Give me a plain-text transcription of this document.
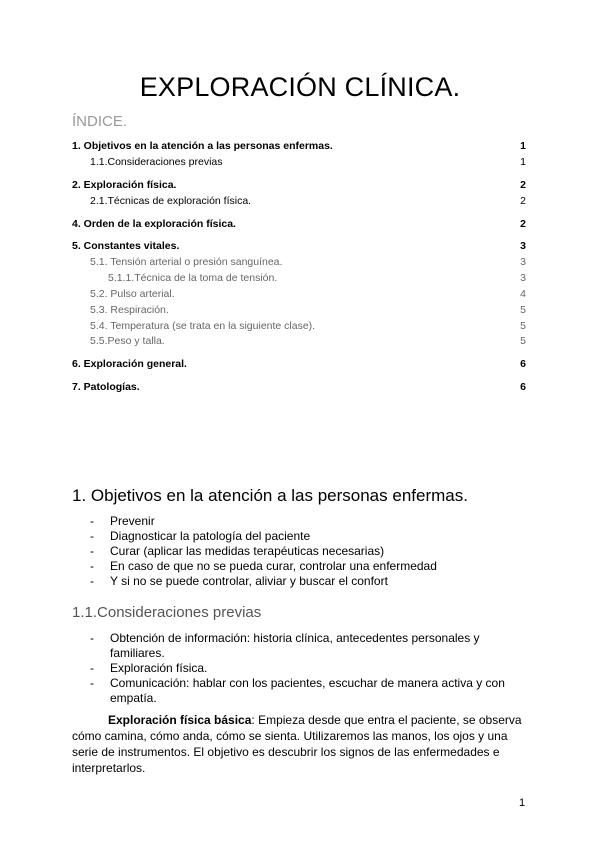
EXPLORACIÓN CLÍNICA.
ÍNDICE.
1. Objetivos en la atención a las personas enfermas.	1
1.1.Consideraciones previas	1
2. Exploración física.	2
2.1.Técnicas de exploración física.	2
4. Orden de la exploración física.	2
5. Constantes vitales.	3
5.1. Tensión arterial o presión sanguínea.	3
5.1.1.Técnica de la toma de tensión.	3
5.2. Pulso arterial.	4
5.3. Respiración.	5
5.4. Temperatura (se trata en la siguiente clase).	5
5.5.Peso y talla.	5
6. Exploración general.	6
7. Patologías.	6
1. Objetivos en la atención a las personas enfermas.
- Prevenir
- Diagnosticar la patología del paciente
- Curar (aplicar las medidas terapéuticas necesarias)
- En caso de que no se pueda curar, controlar una enfermedad
- Y si no se puede controlar, aliviar y buscar el confort
1.1.Consideraciones previas
- Obtención de información: historia clínica, antecedentes personales y familiares.
- Exploración física.
- Comunicación: hablar con los pacientes, escuchar de manera activa y con empatía.

Exploración física básica: Empieza desde que entra el paciente, se observa cómo camina, cómo anda, cómo se sienta. Utilizaremos las manos, los ojos y una serie de instrumentos. El objetivo es descubrir los signos de las enfermedades e interpretarlos.

1
